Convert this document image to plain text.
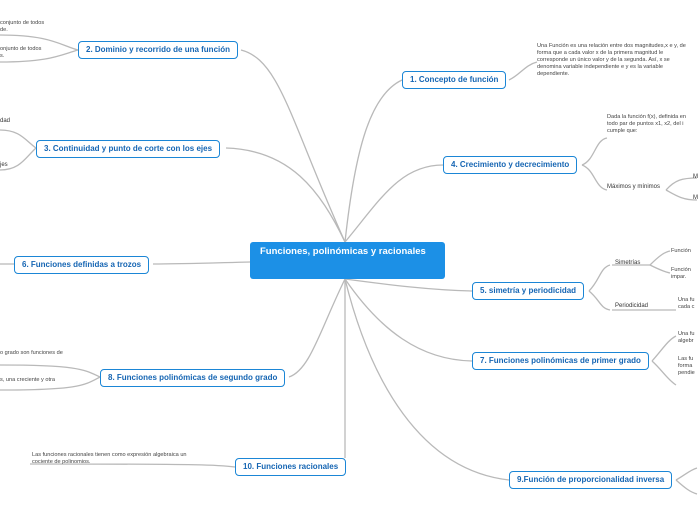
Funciones, polinómicas y racionales
1. Concepto de función
2. Dominio y recorrido de una función
3. Continuidad y punto de corte con los ejes
4. Crecimiento y decrecimiento
5. simetría y periodicidad
6. Funciones definidas a trozos
7. Funciones polinómicas de primer grado
8. Funciones polinómicas de segundo grado
9.Función de proporcionalidad inversa
10. Funciones racionales
Una Función es una relación entre dos magnitudes,x e y, de forma que a cada valor x de la primera magnitud le corresponde un único valor y de la segunda. Así, x se denomina variable independiente e y es la variable dependiente.
conjunto de todos
de.
onjunto de todos
s.
dad
jes
Dada la función f(x), definida en
todo par de puntos x1, x2, del i
cumple que:
Máximos y mínimos
M
M
Simetrías
Periodicidad
Función
Función
impar.
Una fu
cada c
Una fu
algebr
Las fu
forma
pendie
o grado son funciones de
s, una creciente y otra
Las funciones racionales tienen como expresión algebraica un cociente de polinomios.
